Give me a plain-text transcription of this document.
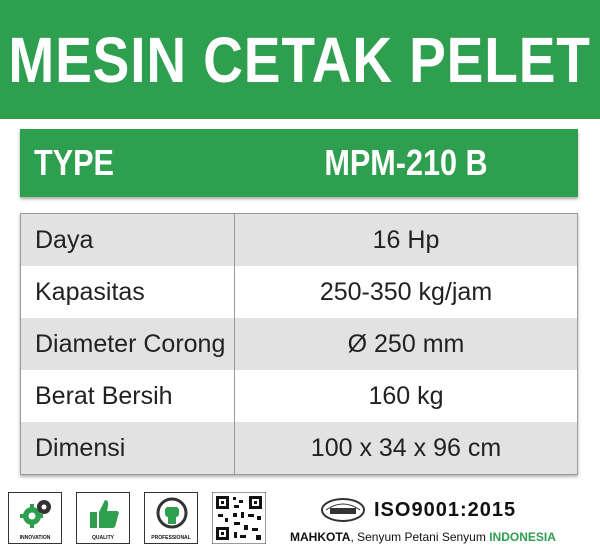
MESIN CETAK PELET
TYPE	MPM-210 B
Daya	16 Hp
Kapasitas	250-350 kg/jam
Diameter Corong	Ø 250 mm
Berat Bersih	160 kg
Dimensi	100 x 34 x 96 cm
INNOVATION	QUALITY	PROFESSIONAL
ISO9001:2015
MAHKOTA, Senyum Petani Senyum INDONESIA
